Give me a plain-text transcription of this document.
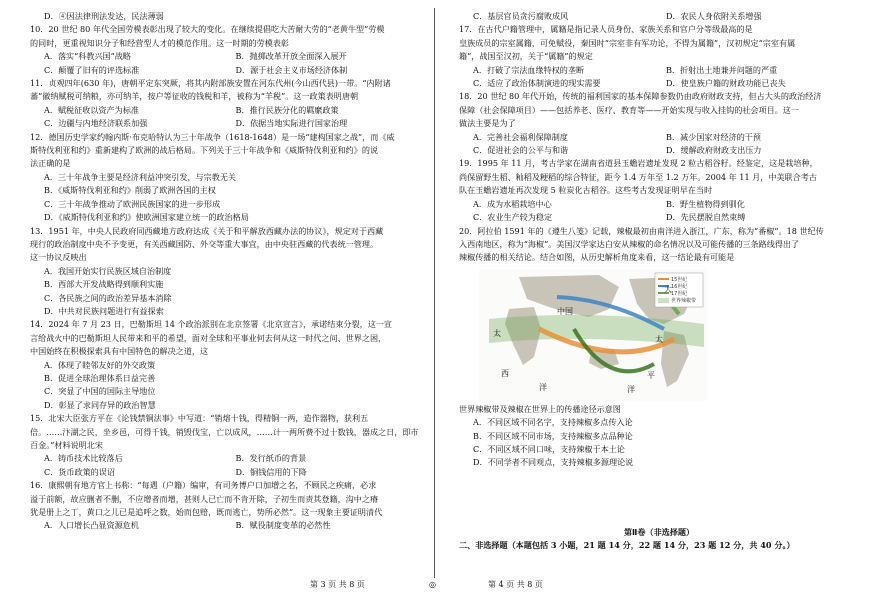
D．④因法律刑法发达，民法薄弱
10．20 世纪 80 年代全国劳模表彰出现了较大的变化。在继续提倡吃大苦耐大劳的“老黄牛型”劳模
的同时，更重视知识分子和经营型人才的模范作用。这一时期的劳模表彰
A．落实“科教兴国”战略	B．抛掷改革开放全面深入展开
C．颠覆了旧有的评选标准	D．源于社会主义市场经济体制
11．贞观四年(630 年)，唐朝平定东突厥，将其内附部族安置在河东代州(今山西代县)一带。“内附诸
蕃”徽纳赋税可纳粮，亦可纳羊，按户等征收的钱税和羊，被称为“羊税”。这一政策表明唐朝
A．赋税征收以资产为标准	B．推行民族分化的羁縻政策
C．边疆与内地经济联系加强	D．依据当地实际进行国家治理
12．德国历史学家约翰内斯·布克哈特认为三十年战争（1618-1648）是一场“建构国家之战”，而《威
斯特伐利亚和约》重新建构了欧洲的战后格局。下列关于三十年战争和《威斯特伐利亚和约》的说
法正确的是
A．三十年战争主要是经济利益冲突引发，与宗教无关
B．《威斯特伐利亚和约》削弱了欧洲各国的主权
C．三十年战争推动了欧洲民族国家的进一步形成
D．《威斯特伐利亚和约》使欧洲国家建立统一的政治格局
13．1951 年，中央人民政府同西藏地方政府达成《关于和平解放西藏办法的协议》，规定对于西藏
现行的政治制度中央不予变更，有关西藏国防、外交等重大事宜，由中央驻西藏的代表统一管理。
这一协议反映出
A．我国开始实行民族区域自治制度
B．西部大开发战略得到顺利实施
C．各民族之间的政治差异基本消除
D．中共对民族问题进行有益探索
14．2024 年 7 月 23 日，巴勒斯坦 14 个政治派别在北京签署《北京宣言》，承诺结束分裂，这一宣
言给战火中的巴勒斯坦人民带来和平的希望，面对全球和平事业何去何从这一时代之问、世界之困，
中国始终在积极探索具有中国特色的解决之道，这
A．体现了睦邻友好的外交政策
B．促进全球治理体系日益完善
C．突显了中国的国际主导地位
D．彰显了求同存异的政治智慧
15．北宋大臣张方平在《论钱禁铜法事》中写道：“销熔十钱，得精铜一两，造作器物，获利五
倍。……汴湖之民，坐乡邑，可得千钱，销毁伐宝，亡以成风，……计一两所费不过十数钱，器成之日，即市
百金。”材料说明北宋
A．铸币技术比较落后	B．发行纸币的背景
C．货币政策的误诏	D．铜钱信用的下降
16．康熙朝有地方官上书称：“每遇（户籍）编审，有司务博户口加增之名，不顾民之疾痛，必求
溢于前额，故应删者不删，不应增者而增，甚则人已亡而不肯开除，子初生而责其登籍，沟中之瘠
犹是册上之丁，黄口之儿已是追呼之数，始而包赔，既而逃亡，势所必然”。这一现象主要证明清代
A．人口增长凸显资源危机	B．赋役制度变革的必然性
C．基层官员贪污腐败成风	D．农民人身依附关系增强
17．在古代户籍管理中，属籍是指记录人员身份、家族关系和官户分等级最高的是
皇族成员的宗室属籍，可免赋役，秦国时“宗室非有军功论，不得为属籍”，汉初规定“宗室有属
籍”，战国至汉初，关于“属籍”的规定
A．打破了宗法血缘特权的垄断	B．折射出土地兼并问题的严重
C．适应了政治体制演进的现实需要	D．使皇族户籍的财政功能已丧失
18．20 世纪 80 年代开始，传统的福利国家的基本保障参数仍由政府财政支持，但占大头的政治经济
保障（社会保障项目）——包括养老、医疗、教育等——开始实现与收入挂钩的社会项目。这一
做法主要是为了
A．完善社会福利保障制度	B．减少国家对经济的干预
C．促进社会的公平与和谐	D．缓解政府财政支出压力
19．1995 年 11 月，考古学家在湖南省道县玉蟾岩遗址发现 2 粒古稻谷籽。经鉴定，这是栽培种，
尚保留野生稻、籼稻及粳稻的综合特征，距今 1.4 万年至 1.2 万年。2004 年 11 月，中美联合考古
队在玉蟾岩遗址再次发现 5 粒炭化古稻谷。这些考古发现证明早在当时
A．成为水稻栽培中心	B．野生植物得到驯化
C．农业生产较为稳定	D．先民摆脱自然束缚
20．阿拉伯 1591 年的《遵生八笺》记载，辣椒最初由南洋进入浙江，广东，称为“番椒”。18 世纪传
入西南地区，称为“海椒”。美国汉学家达白安从辣椒的命名情况以及可能传播的三条路线得出了
辣椒传播的相关结论。结合如图，从历史解析角度来看，这一结论最有可能是
15世纪
16世纪
17世纪
世界辣椒带
中国
太
西
洋
大
太
平
洋
世界辣椒带及辣椒在世界上的传播途径示意图
A．不同区域不同名字，支持辣椒多点传入论
B．不同区域不同市场，支持辣椒多点品种论
C．不同区域不同口味，支持辣椒于本土论
D．不同学者不同观点，支持辣椒多源理论说
第Ⅱ卷（非选择题）
二、非选择题（本题包括 3 小题，21 题 14 分，22 题 14 分，23 题 12 分，共 40 分。）
第 3 页 共 8 页	◎	第 4 页 共 8 页
